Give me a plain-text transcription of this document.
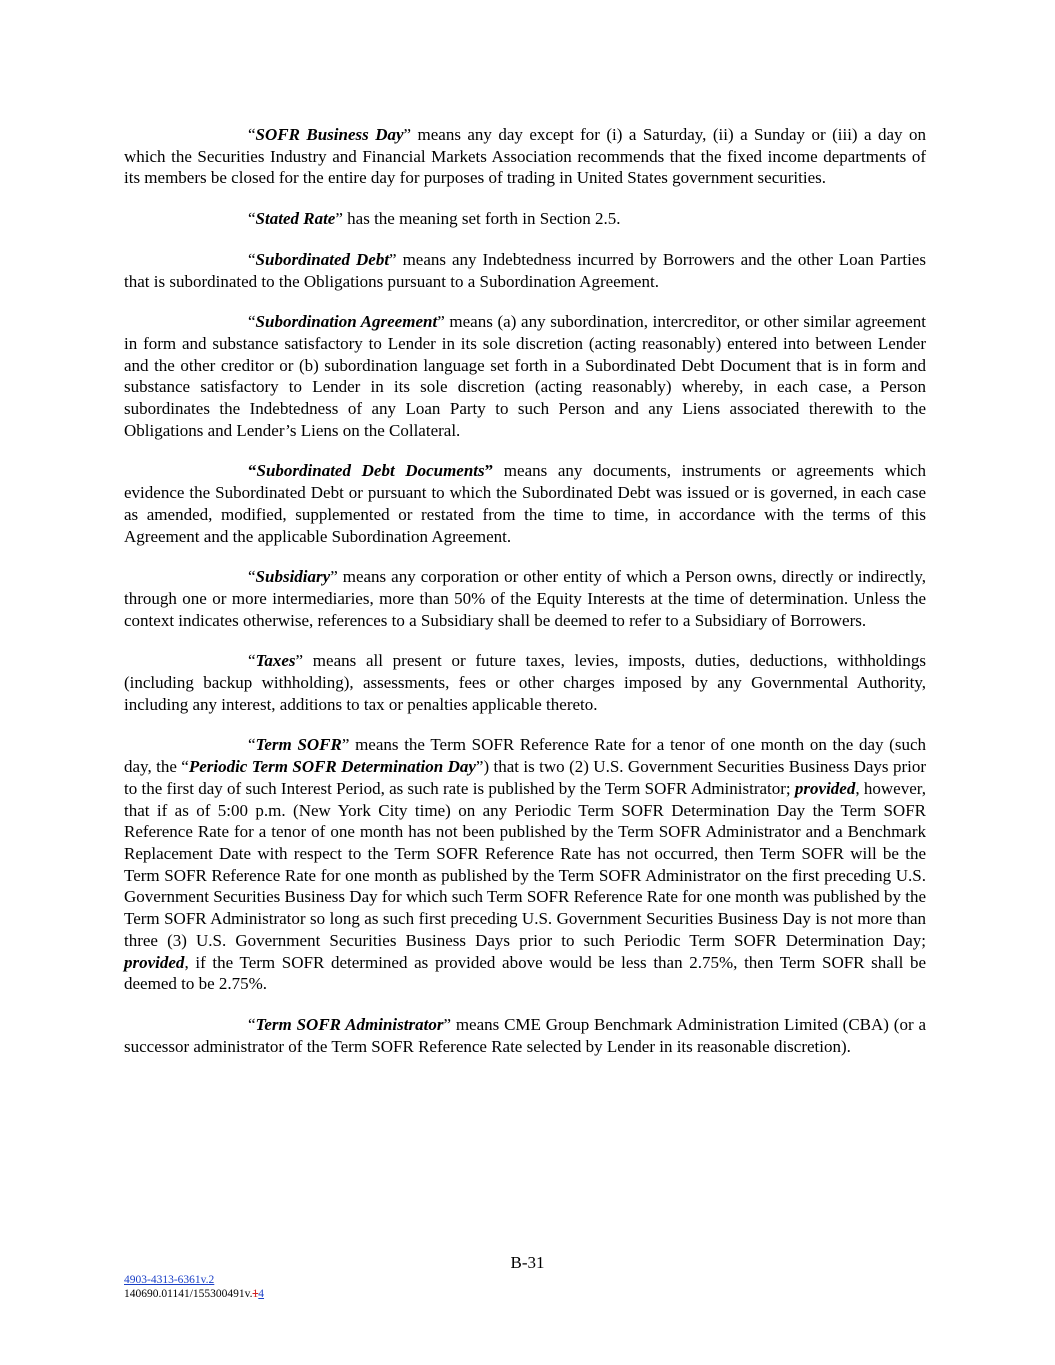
“SOFR Business Day” means any day except for (i) a Saturday, (ii) a Sunday or (iii) a day on which the Securities Industry and Financial Markets Association recommends that the fixed income departments of its members be closed for the entire day for purposes of trading in United States government securities.

“Stated Rate” has the meaning set forth in Section 2.5.

“Subordinated Debt” means any Indebtedness incurred by Borrowers and the other Loan Parties that is subordinated to the Obligations pursuant to a Subordination Agreement.

“Subordination Agreement” means (a) any subordination, intercreditor, or other similar agreement in form and substance satisfactory to Lender in its sole discretion (acting reasonably) entered into between Lender and the other creditor or (b) subordination language set forth in a Subordinated Debt Document that is in form and substance satisfactory to Lender in its sole discretion (acting reasonably) whereby, in each case, a Person subordinates the Indebtedness of any Loan Party to such Person and any Liens associated therewith to the Obligations and Lender’s Liens on the Collateral.

“Subordinated Debt Documents” means any documents, instruments or agreements which evidence the Subordinated Debt or pursuant to which the Subordinated Debt was issued or is governed, in each case as amended, modified, supplemented or restated from the time to time, in accordance with the terms of this Agreement and the applicable Subordination Agreement.

“Subsidiary” means any corporation or other entity of which a Person owns, directly or indirectly, through one or more intermediaries, more than 50% of the Equity Interests at the time of determination. Unless the context indicates otherwise, references to a Subsidiary shall be deemed to refer to a Subsidiary of Borrowers.

“Taxes” means all present or future taxes, levies, imposts, duties, deductions, withholdings (including backup withholding), assessments, fees or other charges imposed by any Governmental Authority, including any interest, additions to tax or penalties applicable thereto.

“Term SOFR” means the Term SOFR Reference Rate for a tenor of one month on the day (such day, the “Periodic Term SOFR Determination Day”) that is two (2) U.S. Government Securities Business Days prior to the first day of such Interest Period, as such rate is published by the Term SOFR Administrator; provided, however, that if as of 5:00 p.m. (New York City time) on any Periodic Term SOFR Determination Day the Term SOFR Reference Rate for a tenor of one month has not been published by the Term SOFR Administrator and a Benchmark Replacement Date with respect to the Term SOFR Reference Rate has not occurred, then Term SOFR will be the Term SOFR Reference Rate for one month as published by the Term SOFR Administrator on the first preceding U.S. Government Securities Business Day for which such Term SOFR Reference Rate for one month was published by the Term SOFR Administrator so long as such first preceding U.S. Government Securities Business Day is not more than three (3) U.S. Government Securities Business Days prior to such Periodic Term SOFR Determination Day; provided, if the Term SOFR determined as provided above would be less than 2.75%, then Term SOFR shall be deemed to be 2.75%.

“Term SOFR Administrator” means CME Group Benchmark Administration Limited (CBA) (or a successor administrator of the Term SOFR Reference Rate selected by Lender in its reasonable discretion).

B-31
4903-4313-6361v.2
140690.01141/155300491v.14
